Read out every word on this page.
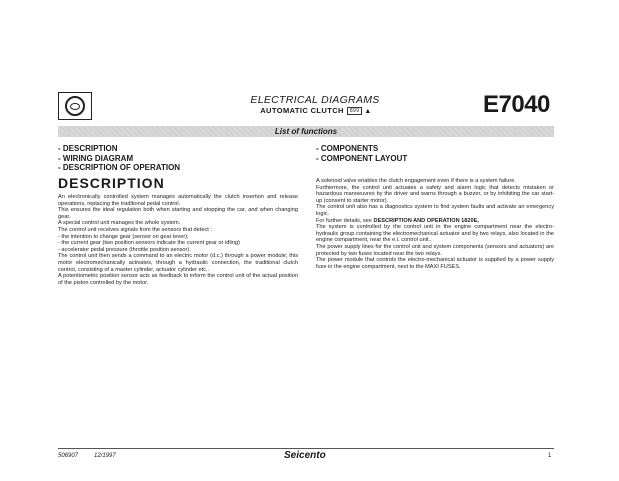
ELECTRICAL DIAGRAMS
AUTOMATIC CLUTCH 899 ▲	E7040
List of functions
- DESCRIPTION
- WIRING DIAGRAM
- DESCRIPTION OF OPERATION
- COMPONENTS
- COMPONENT LAYOUT
DESCRIPTION

An electronically controlled system manages automatically the clutch insertion and release operations, replacing the traditional pedal control.

This ensures the ideal regulation both when starting and stopping the car, and when changing gear.

A special control unit manages the whole system.

The control unit receives signals from the sensors that detect :

- the intention to change gear (sensor on gear lever);

- the current gear (two position sensors indicate the current gear or idling)

- accelerator pedal pressure (throttle position sensor).

The control unit then sends a command to an electric motor (d.c.) through a power module; this motor electromechanically activates, through a hydraulic connection, the traditional clutch control, consisting of a master cylinder, actuator cylinder etc..

A potentiometric position sensor acts as feedback to inform the control unit of the actual position of the piston controlled by the motor.

A solenoid valve enables the clutch engagement even if there is a system failure.

Furthermore, the control unit actuates a safety and alarm logic that detects mistaken or hazardous manoeuvres by the driver and warns through a buzzer, or by inhibiting the car start-up (consent to starter motor).

The control unit also has a diagnostics system to find system faults and activate an emergency logic.

For further details, see DESCRIPTION AND OPERATION 1820E,

The system is controlled by the control unit in the engine compartment near the electro-hydraulic group containing the electromechanical actuator and by two relays, also located in the engine compartment, near the e.i. control unit..

The power supply lines for the control unit and system components (sensors and actuators) are protected by two fuses located near the two relays.

The power module that controls the electro-mechanical actuator is supplied by a power supply fuse in the engine compartment, next to the MAXI FUSES.

506907	12/1997	Seicento	1
